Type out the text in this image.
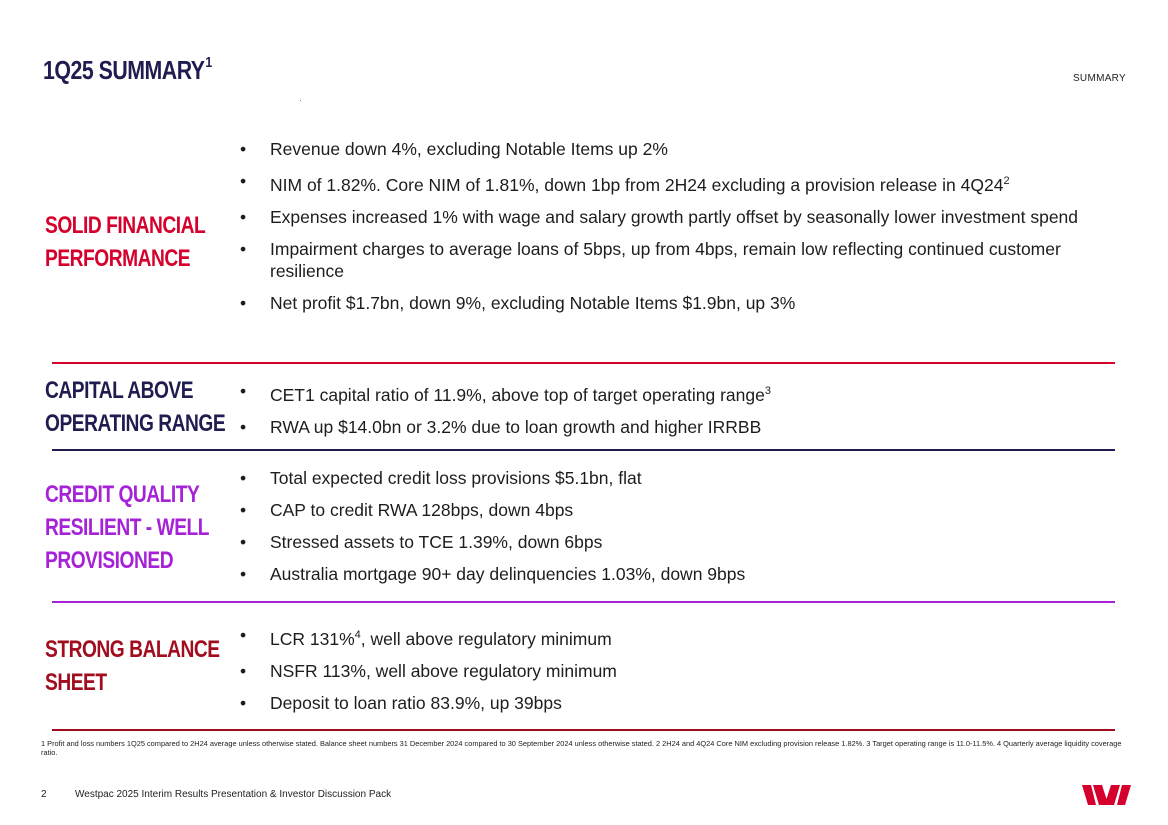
1Q25 SUMMARY$^1$
SUMMARY
SOLID FINANCIAL PERFORMANCE
• Revenue down 4%, excluding Notable Items up 2%
• NIM of 1.82%. Core NIM of 1.81%, down 1bp from 2H24 excluding a provision release in $4Q24^2$
• Expenses increased 1% with wage and salary growth partly offset by seasonally lower investment spend
• Impairment charges to average loans of 5bps, up from 4bps, remain low reflecting continued customer resilience
• Net profit $1.7bn, down 9%, excluding Notable Items $1.9bn, up 3%
CAPITAL ABOVE OPERATING RANGE
• CET1 capital ratio of 11.9%, above top of target operating range$^3$
• RWA up $14.0bn or 3.2% due to loan growth and higher IRRBB
CREDIT QUALITY RESILIENT - WELL PROVISIONED
• Total expected credit loss provisions $5.1bn, flat
• CAP to credit RWA 128bps, down 4bps
• Stressed assets to TCE 1.39%, down 6bps
• Australia mortgage 90+ day delinquencies 1.03%, down 9bps
STRONG BALANCE SHEET
• LCR 131%$^4$, well above regulatory minimum
• NSFR 113%, well above regulatory minimum
• Deposit to loan ratio 83.9%, up 39bps
1 Profit and loss numbers 1Q25 compared to 2H24 average unless otherwise stated. Balance sheet numbers 31 December 2024 compared to 30 September 2024 unless otherwise stated. 2 2H24 and 4Q24 Core NIM excluding provision release 1.82%. 3 Target operating range is 11.0-11.5%. 4 Quarterly average liquidity coverage ratio.
2	Westpac 2025 Interim Results Presentation & Investor Discussion Pack
